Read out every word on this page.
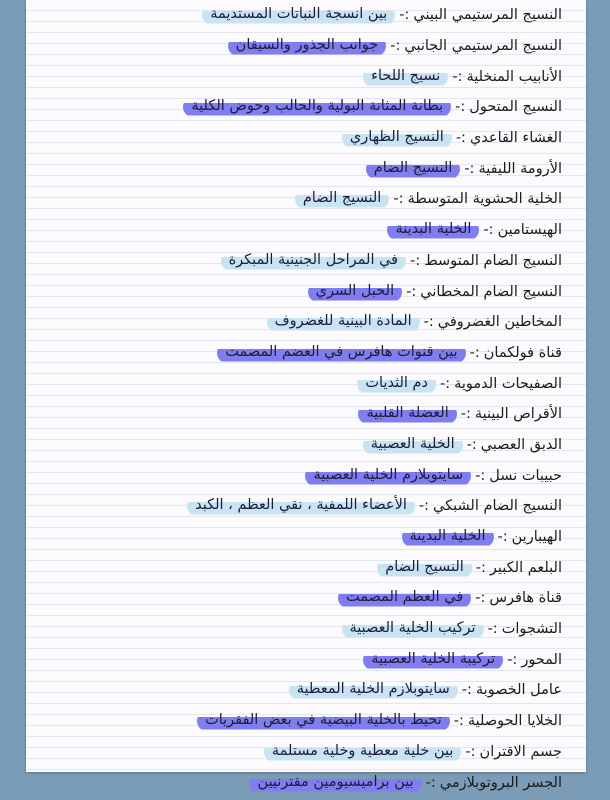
النسيج المرستيمي البيني
:-
بين انسجة النباتات المستديمة
النسيج المرستيمي الجانبي
:-
جوانب الجذور والسيقان
الأنابيب المنخلية
:-
نسيج اللحاء
النسيج المتحول
:-
بطانة المثانة البولية والحالب وحوض الكلية
الغشاء القاعدي
:-
النسيج الظهاري
الأرومة الليفية
:-
النسيج الضام
الخلية الحشوية المتوسطة
:-
النسيج الضام
الهيستامين
:-
الخلية البدينة
النسيج الضام المتوسط
:-
في المراحل الجنينية المبكرة
النسيج الضام المخطاني
:-
الحبل السري
المخاطين الغضروفي
:-
المادة البينية للغضروف
قناة فولكمان
:-
بين قنوات هافرس في العضم المصمت
الصفيحات الدموية
:-
دم الثديات
الأقراص البينية
:-
العضلة القلبية
الدبق العصبي
:-
الخلية العصبية
حبيبات نسل
:-
سايتوبلازم الخلية العصبية
النسيج الضام الشبكي
:-
الأعضاء اللمفية ، نقي العظم ، الكبد
الهيبارين
:-
الخلية البدينة
البلعم الكبير
:-
النسيج الضام
قناة هافرس
:-
في العظم المصمت
التشجوات
:-
تركيب الخلية العصبية
المحور
:-
تركيبة الخلية العصبية
عامل الخصوبة
:-
سايتوبلازم الخلية المعطية
الخلايا الحوصلية
:-
تحيط بالخلية البيضية في بعض الفقريات
جسم الاقتران
:-
بين خلية معطية وخلية مستلمة
الجسر البروتوبلازمي
:-
بين براميسيومين مقترنيين
